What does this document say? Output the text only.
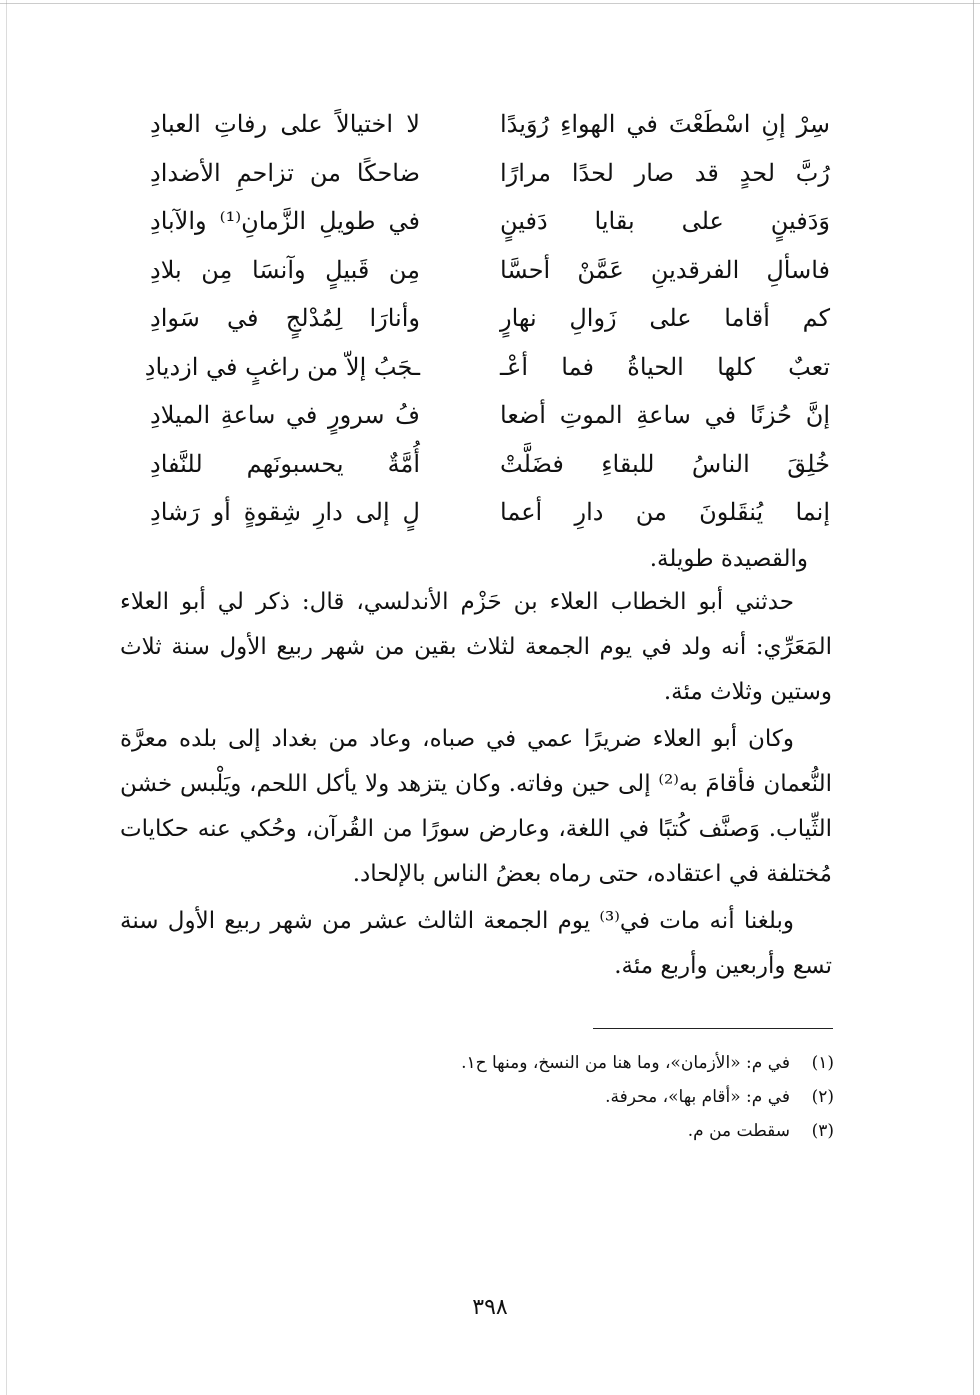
سِرْ إنِ اسْطَعْتَ في الهواءِ رُوَيدًا
لا اختيالاً على رفاتِ العبادِ
رُبَّ لحدٍ قد صار لحدًا مرارًا
ضاحكًا من تزاحمِ الأضدادِ
وَدَفينٍ على بقايا دَفينٍ
في طويلِ الزَّمانِ⁽¹⁾ والآبادِ
فاسألِ الفرقدينِ عَمَّنْ أحسَّا
مِن قَبيلٍ وآنسَا مِن بلادِ
كم أقاما على زَوالِ نهارٍ
وأنارَا لِمُدْلجٍ في سَوادِ
تعبٌ كلها الحياةُ فما أعْـ
ـجَبُ إلاّ من راغبٍ في ازديادِ
إنَّ حُزنًا في ساعةِ الموتِ أضعا
فُ سرورٍ في ساعةِ الميلادِ
خُلِقَ الناسُ للبقاءِ فضَلَّتْ
أُمَّةٌ يحسبونَهم للنَّفادِ
إنما يُنقَلونَ من دارِ أعما
لٍ إلى دارِ شِقوةٍ أو رَشادِ
والقصيدة طويلة.

حدثني أبو الخطاب العلاء بن حَزْم الأندلسي، قال: ذكر لي أبو العلاء المَعَرِّي: أنه ولد في يوم الجمعة لثلاث بقين من شهر ربيع الأول سنة ثلاث وستين وثلاث مئة.

وكان أبو العلاء ضريرًا عمي في صباه، وعاد من بغداد إلى بلده معرَّة النُّعمان فأقامَ به⁽²⁾ إلى حين وفاته. وكان يتزهد ولا يأكل اللحم، ويَلْبس خشن الثِّياب. وَصنَّف كُتبًا في اللغة، وعارض سورًا من القُرآن، وحُكي عنه حكايات مُختلفة في اعتقاده، حتى رماه بعضُ الناس بالإلحاد.

وبلغنا أنه مات في⁽³⁾ يوم الجمعة الثالث عشر من شهر ربيع الأول سنة تسع وأربعين وأربع مئة.

(١)
في م: «الأزمان»، وما هنا من النسخ، ومنها ح١.
(٢)
في م: «أقام بها»، محرفة.
(٣)
سقطت من م.
٣٩٨
